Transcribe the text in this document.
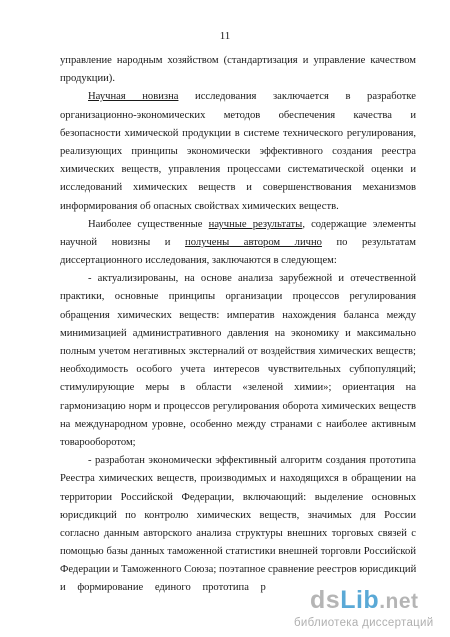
11
управление народным хозяйством (стандартизация и управление качеством
продукции).
Научная новизна исследования заключается в разработке
организационно-экономических методов обеспечения качества и
безопасности химической продукции в системе технического регулирования,
реализующих принципы экономически эффективного создания реестра
химических веществ, управления процессами систематической оценки и
исследований химических веществ и совершенствования механизмов
информирования об опасных свойствах химических веществ.
Наиболее существенные научные результаты, содержащие элементы
научной новизны и получены автором лично по результатам
диссертационного исследования, заключаются в следующем:
- актуализированы, на основе анализа зарубежной и отечественной
практики, основные принципы организации процессов регулирования
обращения химических веществ: императив нахождения баланса между
минимизацией административного давления на экономику и максимально
полным учетом негативных экстерналий от воздействия химических веществ;
необходимость особого учета интересов чувствительных субпопуляций;
стимулирующие меры в области «зеленой химии»; ориентация на
гармонизацию норм и процессов регулирования оборота химических веществ
на международном уровне, особенно между странами с наиболее активным
товарооборотом;
- разработан экономически эффективный алгоритм создания прототипа
Реестра химических веществ, производимых и находящихся в обращении на
территории Российской Федерации, включающий: выделение основных
юрисдикций по контролю химических веществ, значимых для России
согласно данным авторского анализа структуры внешних торговых связей с
помощью базы данных таможенной статистики внешней торговли Российской
Федерации и Таможенного Союза; поэтапное сравнение реестров юрисдикций
и формирование единого прототипа р	dsLib.net
библиотека диссертаций
